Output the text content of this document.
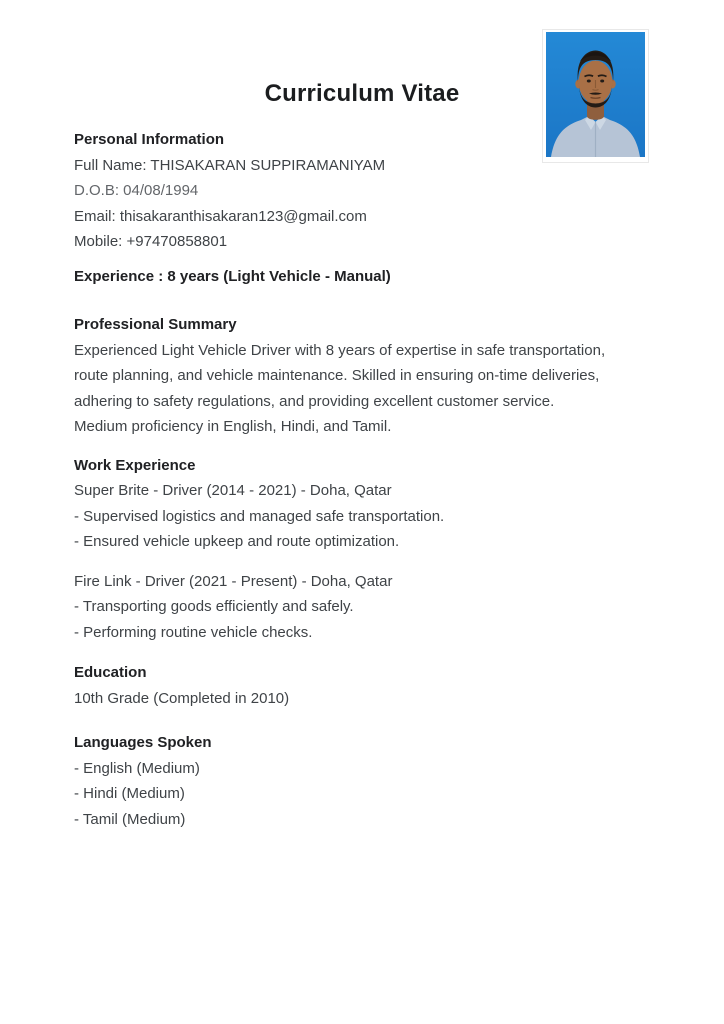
Curriculum Vitae
Personal Information
Full Name: THISAKARAN SUPPIRAMANIYAM
D.O.B: 04/08/1994
Email: thisakaranthisakaran123@gmail.com
Mobile: +97470858801
Experience : 8 years (Light Vehicle - Manual)
Professional Summary
Experienced Light Vehicle Driver with 8 years of expertise in safe transportation,
route planning, and vehicle maintenance. Skilled in ensuring on-time deliveries,
adhering to safety regulations, and providing excellent customer service.
Medium proficiency in English, Hindi, and Tamil.
Work Experience
Super Brite - Driver (2014 - 2021) - Doha, Qatar
- Supervised logistics and managed safe transportation.
- Ensured vehicle upkeep and route optimization.
Fire Link - Driver (2021 - Present) - Doha, Qatar
- Transporting goods efficiently and safely.
- Performing routine vehicle checks.
Education
10th Grade (Completed in 2010)
Languages Spoken
- English (Medium)
- Hindi (Medium)
- Tamil (Medium)
